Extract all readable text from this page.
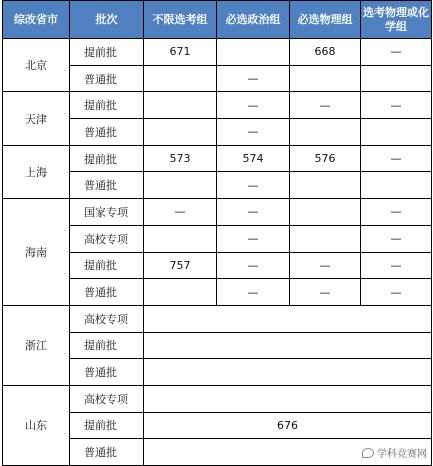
综改省市	批次	不限选考组	必选政治组	必选物理组	选考物理或化学组
北京	提前批	671		668	—
	普通批		—		
天津	提前批		—	—	—
	普通批		—		
上海	提前批	573	574	576	—
	普通批		—		
海南	国家专项	—	—		—
	高校专项		—		—
	提前批	757	—	—	—
	普通批		—	—	—
浙江	高校专项				
	提前批				
	普通批				
山东	高校专项				
	提前批	676			
	普通批					学科竞赛网
